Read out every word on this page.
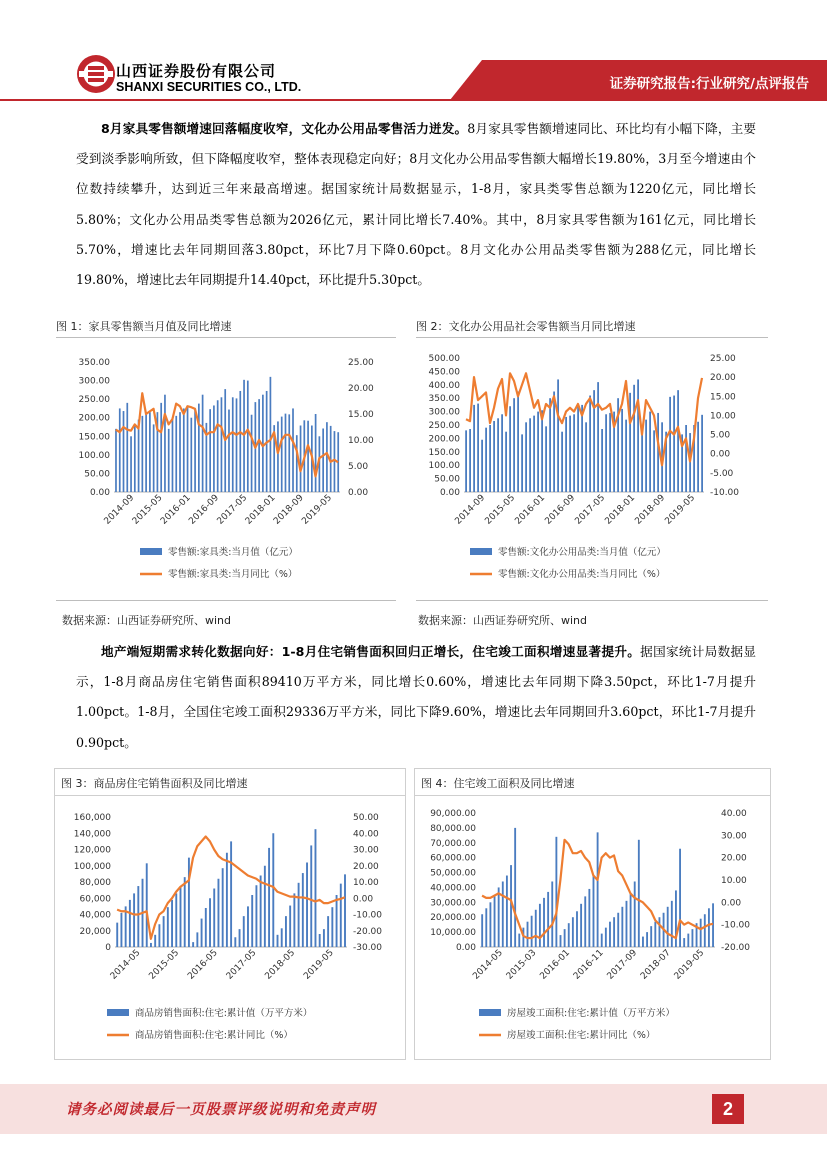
山西证券股份有限公司
SHANXI SECURITIES CO., LTD.	证券研究报告:行业研究/点评报告
8月家具零售额增速回落幅度收窄，文化办公用品零售活力迸发。8月家具零售额增速同比、环比均有小幅下降，主要受到淡季影响所致，但下降幅度收窄，整体表现稳定向好；8月文化办公用品零售额大幅增长19.80%，3月至今增速由个位数持续攀升，达到近三年来最高增速。据国家统计局数据显示，1-8月，家具类零售总额为1220亿元，同比增长5.80%；文化办公用品类零售总额为2026亿元，累计同比增长7.40%。其中，8月家具零售额为161亿元，同比增长5.70%，增速比去年同期回落3.80pct，环比7月下降0.60pct。8月文化办公用品类零售额为288亿元，同比增长19.80%，增速比去年同期提升14.40pct，环比提升5.30pct。
图 1：家具零售额当月值及同比增速	图 2：文化办公用品社会零售额当月同比增速
0.00
50.00
100.00
150.00
200.00
250.00
300.00
350.00
0.00
5.00
10.00
15.00
20.00
25.00
2014-09
2015-05
2016-01
2016-09
2017-05
2018-01
2018-09
2019-05
零售额:家具类:当月值（亿元）
零售额:家具类:当月同比（%）
0.00
50.00
100.00
150.00
200.00
250.00
300.00
350.00
400.00
450.00
500.00
-10.00
-5.00
0.00
5.00
10.00
15.00
20.00
25.00
2014-09
2015-05
2016-01
2016-09
2017-05
2018-01
2018-09
2019-05
零售额:文化办公用品类:当月值（亿元）
零售额:文化办公用品类:当月同比（%）
数据来源：山西证券研究所、wind	数据来源：山西证券研究所、wind
地产端短期需求转化数据向好：1-8月住宅销售面积回归正增长，住宅竣工面积增速显著提升。据国家统计局数据显示，1-8月商品房住宅销售面积89410万平方米，同比增长0.60%，增速比去年同期下降3.50pct，环比1-7月提升1.00pct。1-8月，全国住宅竣工面积29336万平方米，同比下降9.60%，增速比去年同期回升3.60pct，环比1-7月提升0.90pct。
图 3：商品房住宅销售面积及同比增速
0
20,000
40,000
60,000
80,000
100,000
120,000
140,000
160,000
-30.00
-20.00
-10.00
0.00
10.00
20.00
30.00
40.00
50.00
2014-05 2015-05 2016-05 2017-05 2018-05 2019-05
商品房销售面积:住宅:累计值（万平方米）
商品房销售面积:住宅:累计同比（%）
图 4：住宅竣工面积及同比增速
0.00
10,000.00
20,000.00
30,000.00
40,000.00
50,000.00
60,000.00
70,000.00
80,000.00
90,000.00
-20.00
-10.00
0.00
10.00
20.00
30.00
40.00
2014-05 2015-03 2016-01 2016-11 2017-09 2018-07 2019-05
房屋竣工面积:住宅:累计值（万平方米）
房屋竣工面积:住宅:累计同比（%）
请务必阅读最后一页股票评级说明和免责声明	2
